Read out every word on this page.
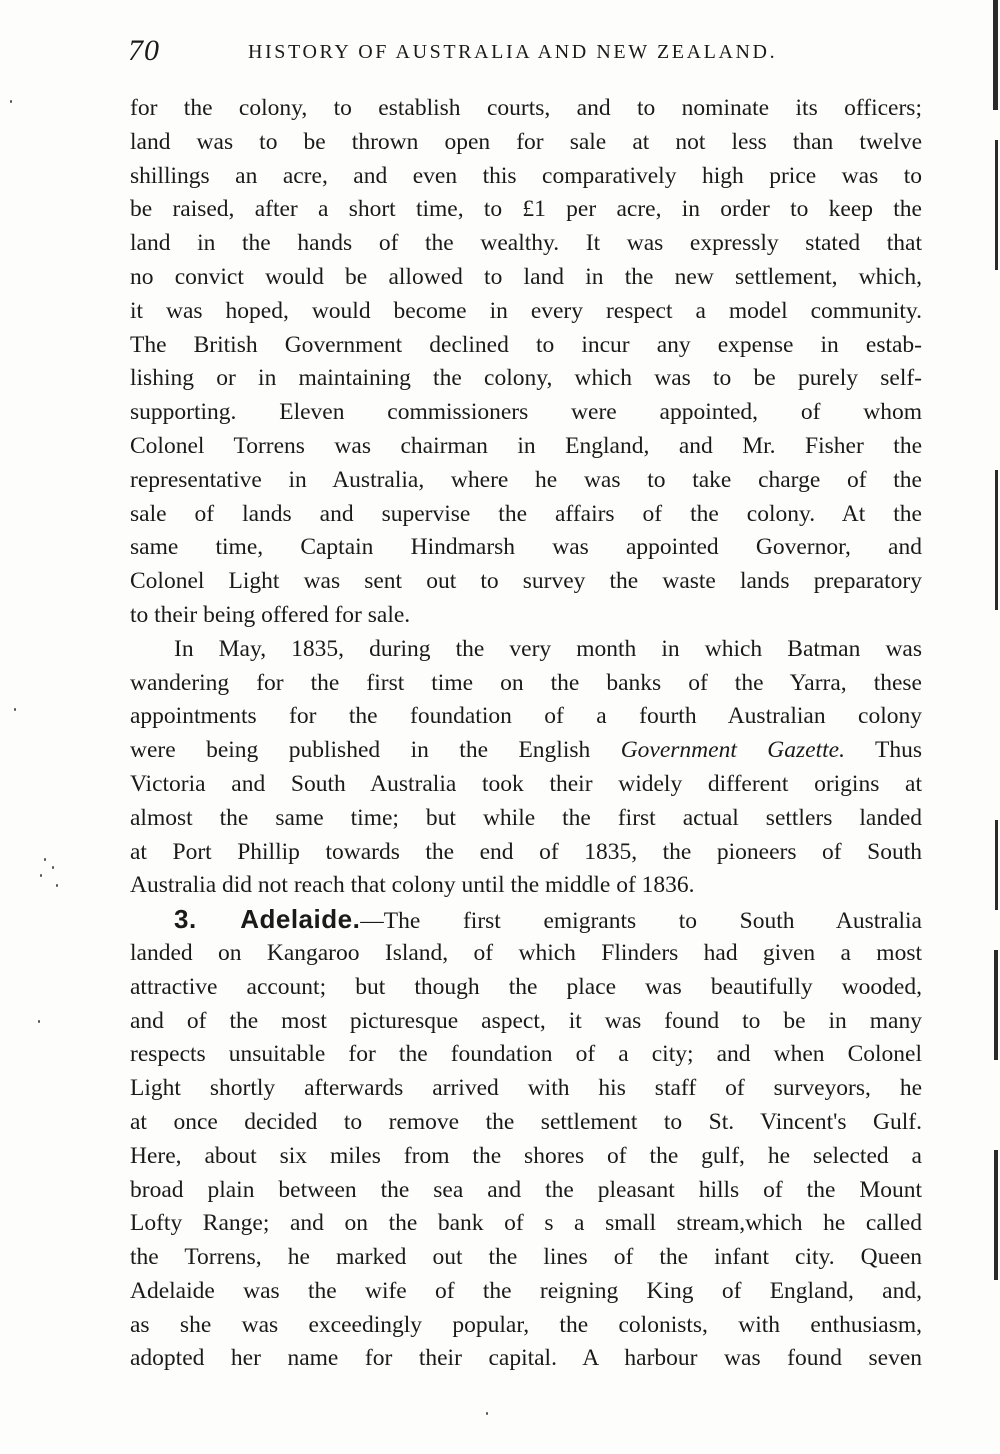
70	HISTORY OF AUSTRALIA AND NEW ZEALAND.
for the colony, to establish courts, and to nominate its officers;
land was to be thrown open for sale at not less than twelve
shillings an acre, and even this comparatively high price was to
be raised, after a short time, to £1 per acre, in order to keep the
land in the hands of the wealthy. It was expressly stated that
no convict would be allowed to land in the new settlement, which,
it was hoped, would become in every respect a model community.
The British Government declined to incur any expense in estab-
lishing or in maintaining the colony, which was to be purely self-
supporting. Eleven commissioners were appointed, of whom
Colonel Torrens was chairman in England, and Mr. Fisher the
representative in Australia, where he was to take charge of the
sale of lands and supervise the affairs of the colony. At the
same time, Captain Hindmarsh was appointed Governor, and
Colonel Light was sent out to survey the waste lands preparatory
to their being offered for sale.
In May, 1835, during the very month in which Batman was
wandering for the first time on the banks of the Yarra, these
appointments for the foundation of a fourth Australian colony
were being published in the English Government Gazette. Thus
Victoria and South Australia took their widely different origins at
almost the same time; but while the first actual settlers landed
at Port Phillip towards the end of 1835, the pioneers of South
Australia did not reach that colony until the middle of 1836.
3. Adelaide.—The first emigrants to South Australia
landed on Kangaroo Island, of which Flinders had given a most
attractive account; but though the place was beautifully wooded,
and of the most picturesque aspect, it was found to be in many
respects unsuitable for the foundation of a city; and when Colonel
Light shortly afterwards arrived with his staff of surveyors, he
at once decided to remove the settlement to St. Vincent's Gulf.
Here, about six miles from the shores of the gulf, he selected a
broad plain between the sea and the pleasant hills of the Mount
Lofty Range; and on the bank of s a small stream,which he called
the Torrens, he marked out the lines of the infant city. Queen
Adelaide was the wife of the reigning King of England, and,
as she was exceedingly popular, the colonists, with enthusiasm,
adopted her name for their capital. A harbour was found seven
